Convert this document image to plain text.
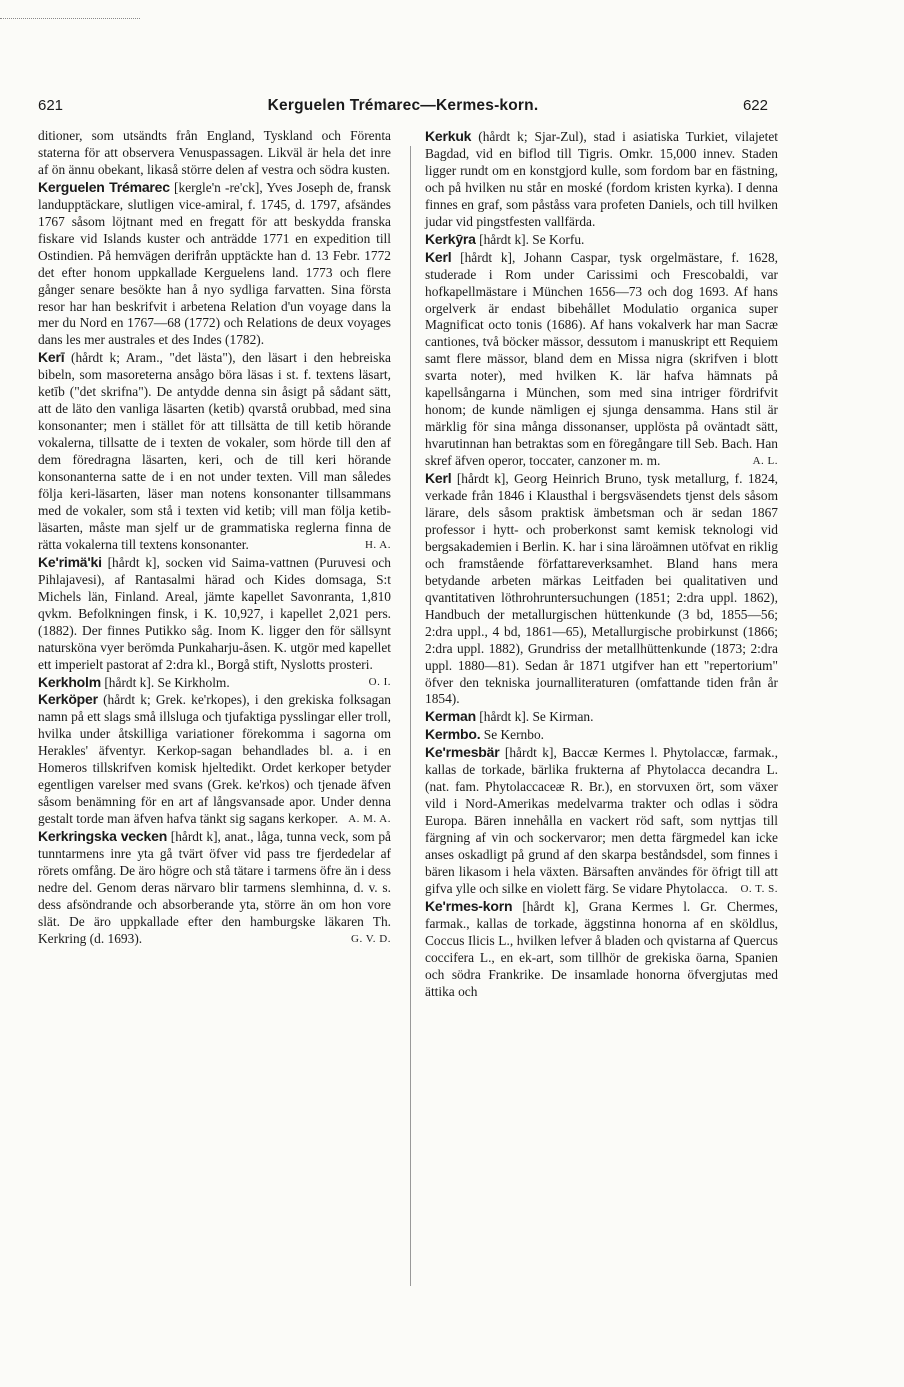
621	Kerguelen Trémarec—Kermes-korn.	622

ditioner, som utsändts från England, Tyskland och Förenta staterna för att observera Venuspassagen. Likväl är hela det inre af ön ännu obekant, likaså större delen af vestra och södra kusten.

Kerguelen Trémarec [kergle'n -re'ck], Yves Joseph de, fransk landupptäckare, slutligen vice-amiral, f. 1745, d. 1797, afsändes 1767 såsom löjtnant med en fregatt för att beskydda franska fiskare vid Islands kuster och anträdde 1771 en expedition till Ostindien. På hemvägen derifrån upptäckte han d. 13 Febr. 1772 det efter honom uppkallade Kerguelens land. 1773 och flere gånger senare besökte han å nyo sydliga farvatten. Sina första resor har han beskrifvit i arbetena Relation d'un voyage dans la mer du Nord en 1767—68 (1772) och Relations de deux voyages dans les mer australes et des Indes (1782).

Kerī (hårdt k; Aram., "det lästa"), den läsart i den hebreiska bibeln, som masoreterna ansågo böra läsas i st. f. textens läsart, ketīb ("det skrifna"). De antydde denna sin åsigt på sådant sätt, att de läto den vanliga läsarten (ketib) qvarstå orubbad, med sina konsonanter; men i stället för att tillsätta de till ketib hörande vokalerna, tillsatte de i texten de vokaler, som hörde till den af dem föredragna läsarten, keri, och de till keri hörande konsonanterna satte de i en not under texten. Vill man således följa keri-läsarten, läser man notens konsonanter tillsammans med de vokaler, som stå i texten vid ketib; vill man följa ketib-läsarten, måste man sjelf ur de grammatiska reglerna finna de rätta vokalerna till textens konsonanter.	H. A.

Ke'rimä'ki [hårdt k], socken vid Saima-vattnen (Puruvesi och Pihlajavesi), af Rantasalmi härad och Kides domsaga, S:t Michels län, Finland. Areal, jämte kapellet Savonranta, 1,810 qvkm. Befolkningen finsk, i K. 10,927, i kapellet 2,021 pers. (1882). Der finnes Putikko såg. Inom K. ligger den för sällsynt natursköna vyer berömda Punkaharju-åsen. K. utgör med kapellet ett imperielt pastorat af 2:dra kl., Borgå stift, Nyslotts prosteri.
O. I.

Kerkholm [hårdt k]. Se Kirkholm.

Kerköper (hårdt k; Grek. ke'rkopes), i den grekiska folksagan namn på ett slags små illsluga och tjufaktiga pysslingar eller troll, hvilka under åtskilliga variationer förekomma i sagorna om Herakles' äfventyr. Kerkop-sagan behandlades bl. a. i en Homeros tillskrifven komisk hjeltedikt. Ordet kerkoper betyder egentligen varelser med svans (Grek. ke'rkos) och tjenade äfven såsom benämning för en art af långsvansade apor. Under denna gestalt torde man äfven hafva tänkt sig sagans kerkoper. A. M. A.

Kerkringska vecken [hårdt k], anat., låga, tunna veck, som på tunntarmens inre yta gå tvärt öfver vid pass tre fjerdedelar af rörets omfång. De äro högre och stå tätare i tarmens öfre än i dess nedre del. Genom deras närvaro blir tarmens slemhinna, d. v. s. dess afsöndrande och absorberande yta, större än om hon vore slät. De äro uppkallade efter den hamburgske läkaren Th. Kerkring (d. 1693).	G. V. D.

Kerkuk (hårdt k; Sjar-Zul), stad i asiatiska Turkiet, vilajetet Bagdad, vid en biflod till Tigris. Omkr. 15,000 innev. Staden ligger rundt om en konstgjord kulle, som fordom bar en fästning, och på hvilken nu står en moské (fordom kristen kyrka). I denna finnes en graf, som påståss vara profeten Daniels, och till hvilken judar vid pingstfesten vallfärda.

Kerkȳra [hårdt k]. Se Korfu.

Kerl [hårdt k], Johann Caspar, tysk orgelmästare, f. 1628, studerade i Rom under Carissimi och Frescobaldi, var hofkapellmästare i München 1656—73 och dog 1693. Af hans orgelverk är endast bibehållet Modulatio organica super Magnificat octo tonis (1686). Af hans vokalverk har man Sacræ cantiones, två böcker mässor, dessutom i manuskript ett Requiem samt flere mässor, bland dem en Missa nigra (skrifven i blott svarta noter), med hvilken K. lär hafva hämnats på kapellsångarna i München, som med sina intriger fördrifvit honom; de kunde nämligen ej sjunga densamma. Hans stil är märklig för sina många dissonanser, upplösta på oväntadt sätt, hvarutinnan han betraktas som en föregångare till Seb. Bach. Han skref äfven operor, toccater, canzoner m. m.	A. L.

Kerl [hårdt k], Georg Heinrich Bruno, tysk metallurg, f. 1824, verkade från 1846 i Klausthal i bergsväsendets tjenst dels såsom lärare, dels såsom praktisk ämbetsman och är sedan 1867 professor i hytt- och proberkonst samt kemisk teknologi vid bergsakademien i Berlin. K. har i sina läroämnen utöfvat en riklig och framstående författareverksamhet. Bland hans mera betydande arbeten märkas Leitfaden bei qualitativen und qvantitativen löthrohruntersuchungen (1851; 2:dra uppl. 1862), Handbuch der metallurgischen hüttenkunde (3 bd, 1855—56; 2:dra uppl., 4 bd, 1861—65), Metallurgische probirkunst (1866; 2:dra uppl. 1882), Grundriss der metallhüttenkunde (1873; 2:dra uppl. 1880—81). Sedan år 1871 utgifver han ett "repertorium" öfver den tekniska journalliteraturen (omfattande tiden från år 1854).

Kerman [hårdt k]. Se Kirman.

Kermbo. Se Kernbo.

Ke'rmesbär [hårdt k], Baccæ Kermes l. Phytolaccæ, farmak., kallas de torkade, bärlika frukterna af Phytolacca decandra L. (nat. fam. Phytolaccaceæ R. Br.), en storvuxen ört, som växer vild i Nord-Amerikas medelvarma trakter och odlas i södra Europa. Bären innehålla en vackert röd saft, som nyttjas till färgning af vin och sockervaror; men detta färgmedel kan icke anses oskadligt på grund af den skarpa beståndsdel, som finnes i bären likasom i hela växten. Bärsaften användes för öfrigt till att gifva ylle och silke en violett färg. Se vidare Phytolacca. O. T. S.

Ke'rmes-korn [hårdt k], Grana Kermes l. Gr. Chermes, farmak., kallas de torkade, äggstinna honorna af en sköldlus, Coccus Ilicis L., hvilken lefver å bladen och qvistarna af Quercus coccifera L., en ek-art, som tillhör de grekiska öarna, Spanien och södra Frankrike. De insamlade honorna öfvergjutas med ättika och
